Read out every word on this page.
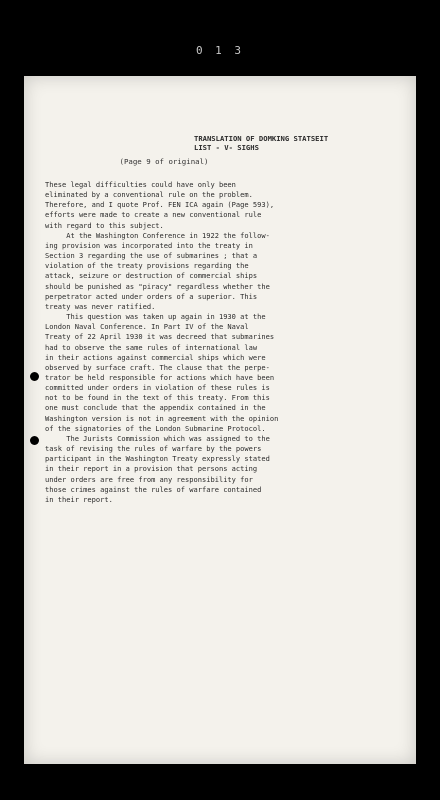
0 1 3
TRANSLATION OF DOMKING STATSEIT
LIST - V- SIGHS
(Page 9 of original)
These legal difficulties could have only been
eliminated by a conventional rule on the problem.
Therefore, and I quote Prof. FEN ICA again (Page 593),
efforts were made to create a new conventional rule
with regard to this subject.
At the Washington Conference in 1922 the follow-
ing provision was incorporated into the treaty in
Section 3 regarding the use of submarines ; that a
violation of the treaty provisions regarding the
attack, seizure or destruction of commercial ships
should be punished as "piracy" regardless whether the
perpetrator acted under orders of a superior. This
treaty was never ratified.
This question was taken up again in 1930 at the
London Naval Conference. In Part IV of the Naval
Treaty of 22 April 1930 it was decreed that submarines
had to observe the same rules of international law
in their actions against commercial ships which were
observed by surface craft. The clause that the perpe-
trator be held responsible for actions which have been
committed under orders in violation of these rules is
not to be found in the text of this treaty. From this
one must conclude that the appendix contained in the
Washington version is not in agreement with the opinion
of the signatories of the London Submarine Protocol.
The Jurists Commission which was assigned to the
task of revising the rules of warfare by the powers
participant in the Washington Treaty expressly stated
in their report in a provision that persons acting
under orders are free from any responsibility for
those crimes against the rules of warfare contained
in their report.
